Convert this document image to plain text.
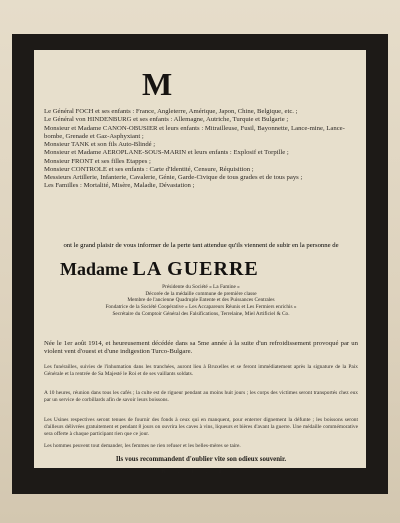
M
Le Général FOCH et ses enfants : France, Angleterre, Amérique, Japon, Chine, Belgique, etc. ;
Le Général von HINDENBURG et ses enfants : Allemagne, Autriche, Turquie et Bulgarie ;
Monsieur et Madame CANON-OBUSIER et leurs enfants : Mitrailleuse, Fusil, Bayonnette, Lance-mine, Lance-bombe, Grenade et Gaz-Asphyxiant ;
Monsieur TANK et son fils Auto-Blindé ;
Monsieur et Madame AEROPLANE-SOUS-MARIN et leurs enfants : Explosif et Torpille ;
Monsieur FRONT et ses filles Etappes ;
Monsieur CONTROLE et ses enfants : Carte d'Identité, Censure, Réquisition ;
Messieurs Artillerie, Infanterie, Cavalerie, Génie, Garde-Civique de tous grades et de tous pays ;
Les Familles : Mortalité, Misère, Maladie, Dévastation ;
ont le grand plaisir de vous informer de la perte tant attendue qu'ils viennent de subir en la personne de
Madame LA GUERRE
Présidente du Société « La Famine »
Décorée de la médaille commune de première classe
Membre de l'ancienne Quadruple Entente et des Puissances Centrales
Fondatrice de la Société Coopérative « Les Accapareurs Réunis et Les Fermiers enrichis »
Secrétaire du Comptoir Général des Falsifications, Terrelaine, Miel Artificiel & Co.
Née le 1er août 1914, et heureusement décédée dans sa 5me année à la suite d'un refroidissement provoqué par un violent vent d'ouest et d'une indigestion Turco-Bulgare.
Les funérailles, suivies de l'inhumation dans les tranchées, auront lieu à Bruxelles et se feront immédiatement après la signature de la Paix Générale et la rentrée de Sa Majesté le Roi et de ses vaillants soldats.
A 10 heures, réunion dans tous les cafés ; la culte est de rigueur pendant au moins huit jours ; les corps des victimes seront transportés chez eux par un service de corbillards afin de savoir leurs boissons.
Les Usines respectives seront tenues de fournir des fonds à ceux qui en manquent, pour enterrer dignement la défunte ; les boissons seront d'ailleurs délivrées gratuitement et pendant 8 jours on ouvrira les caves à vins, liqueurs et bières d'avant la guerre. Une médaille commémorative sera offerte à chaque participant rien que ce jour.
Les hommes peuvent tout demander, les femmes ne rien refuser et les belles-mères se taire.
Ils vous recommandent d'oublier vite son odieux souvenir.
R . I . P .
